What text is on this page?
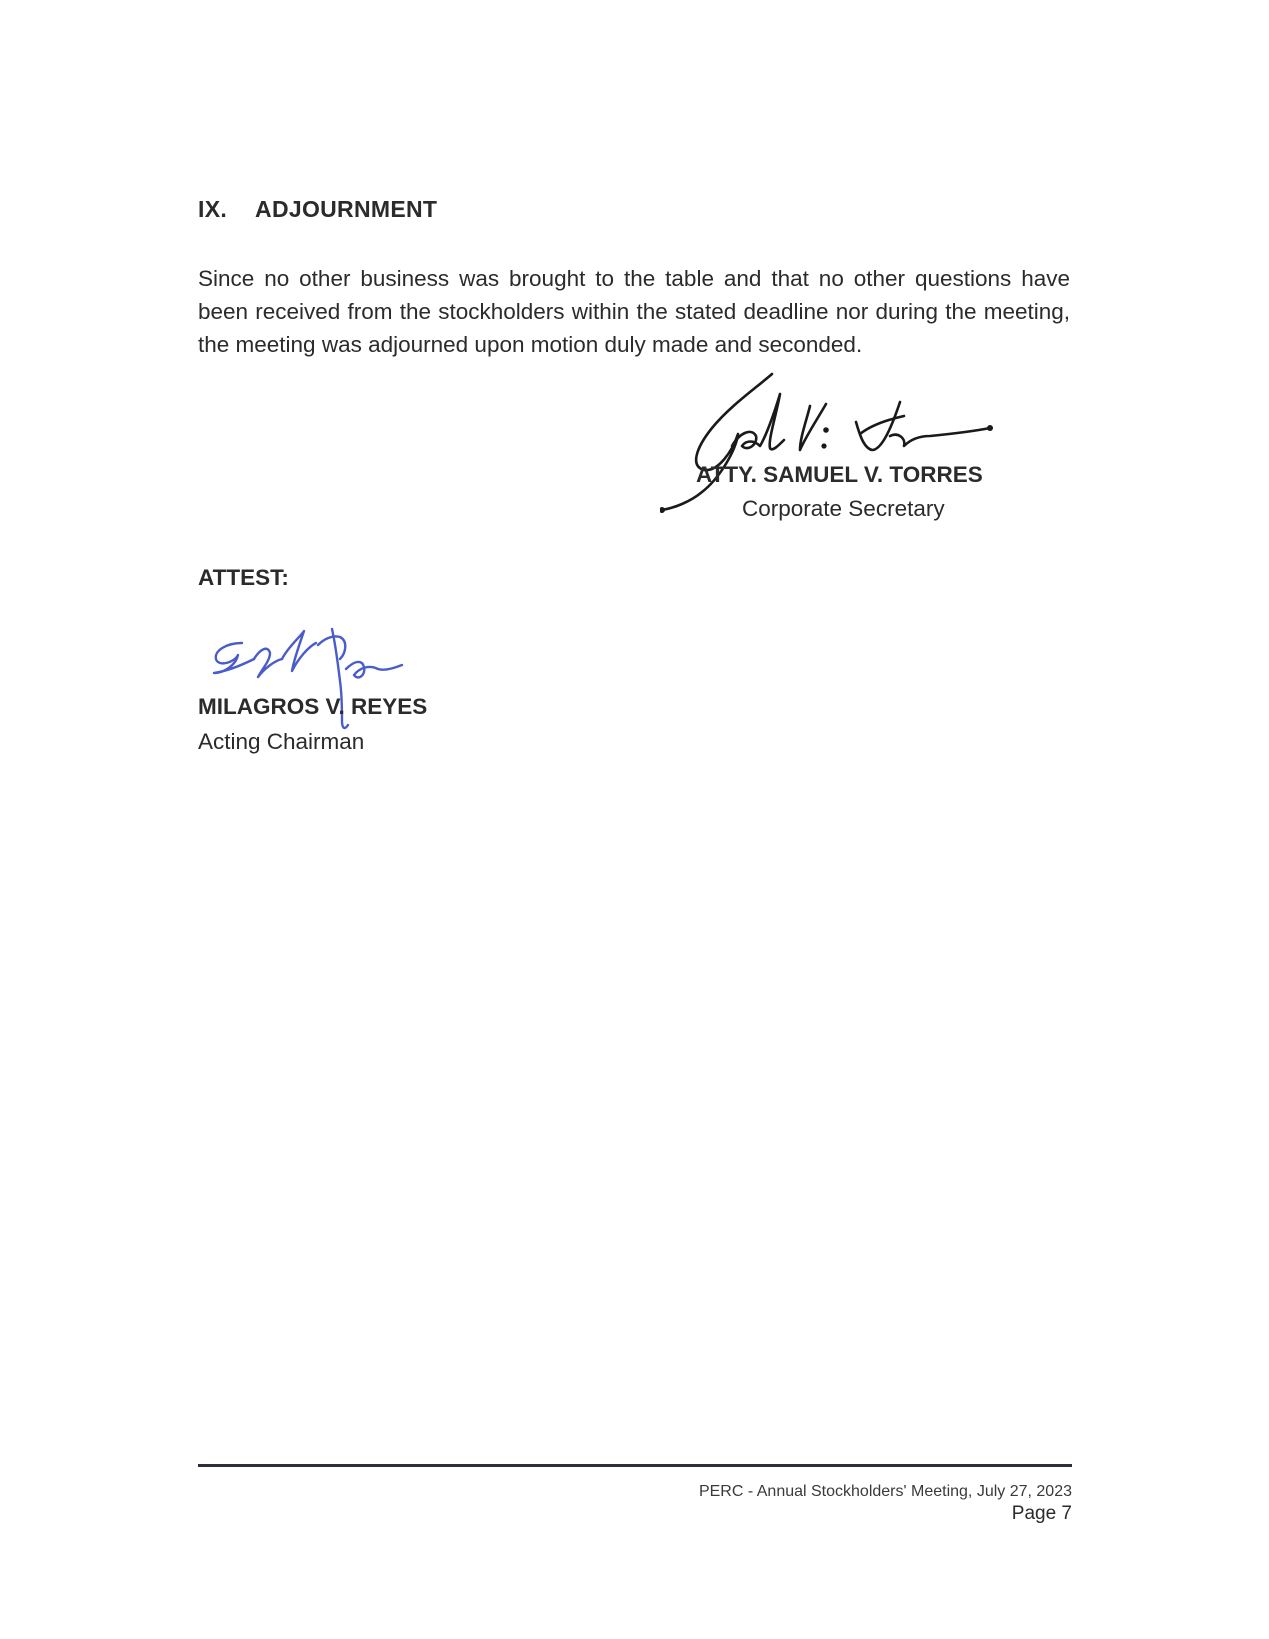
IX. ADJOURNMENT

Since no other business was brought to the table and that no other questions have been received from the stockholders within the stated deadline nor during the meeting, the meeting was adjourned upon motion duly made and seconded.

ATTY. SAMUEL V. TORRES
Corporate Secretary
ATTEST:
MILAGROS V. REYES
Acting Chairman
PERC - Annual Stockholders' Meeting, July 27, 2023
Page 7
